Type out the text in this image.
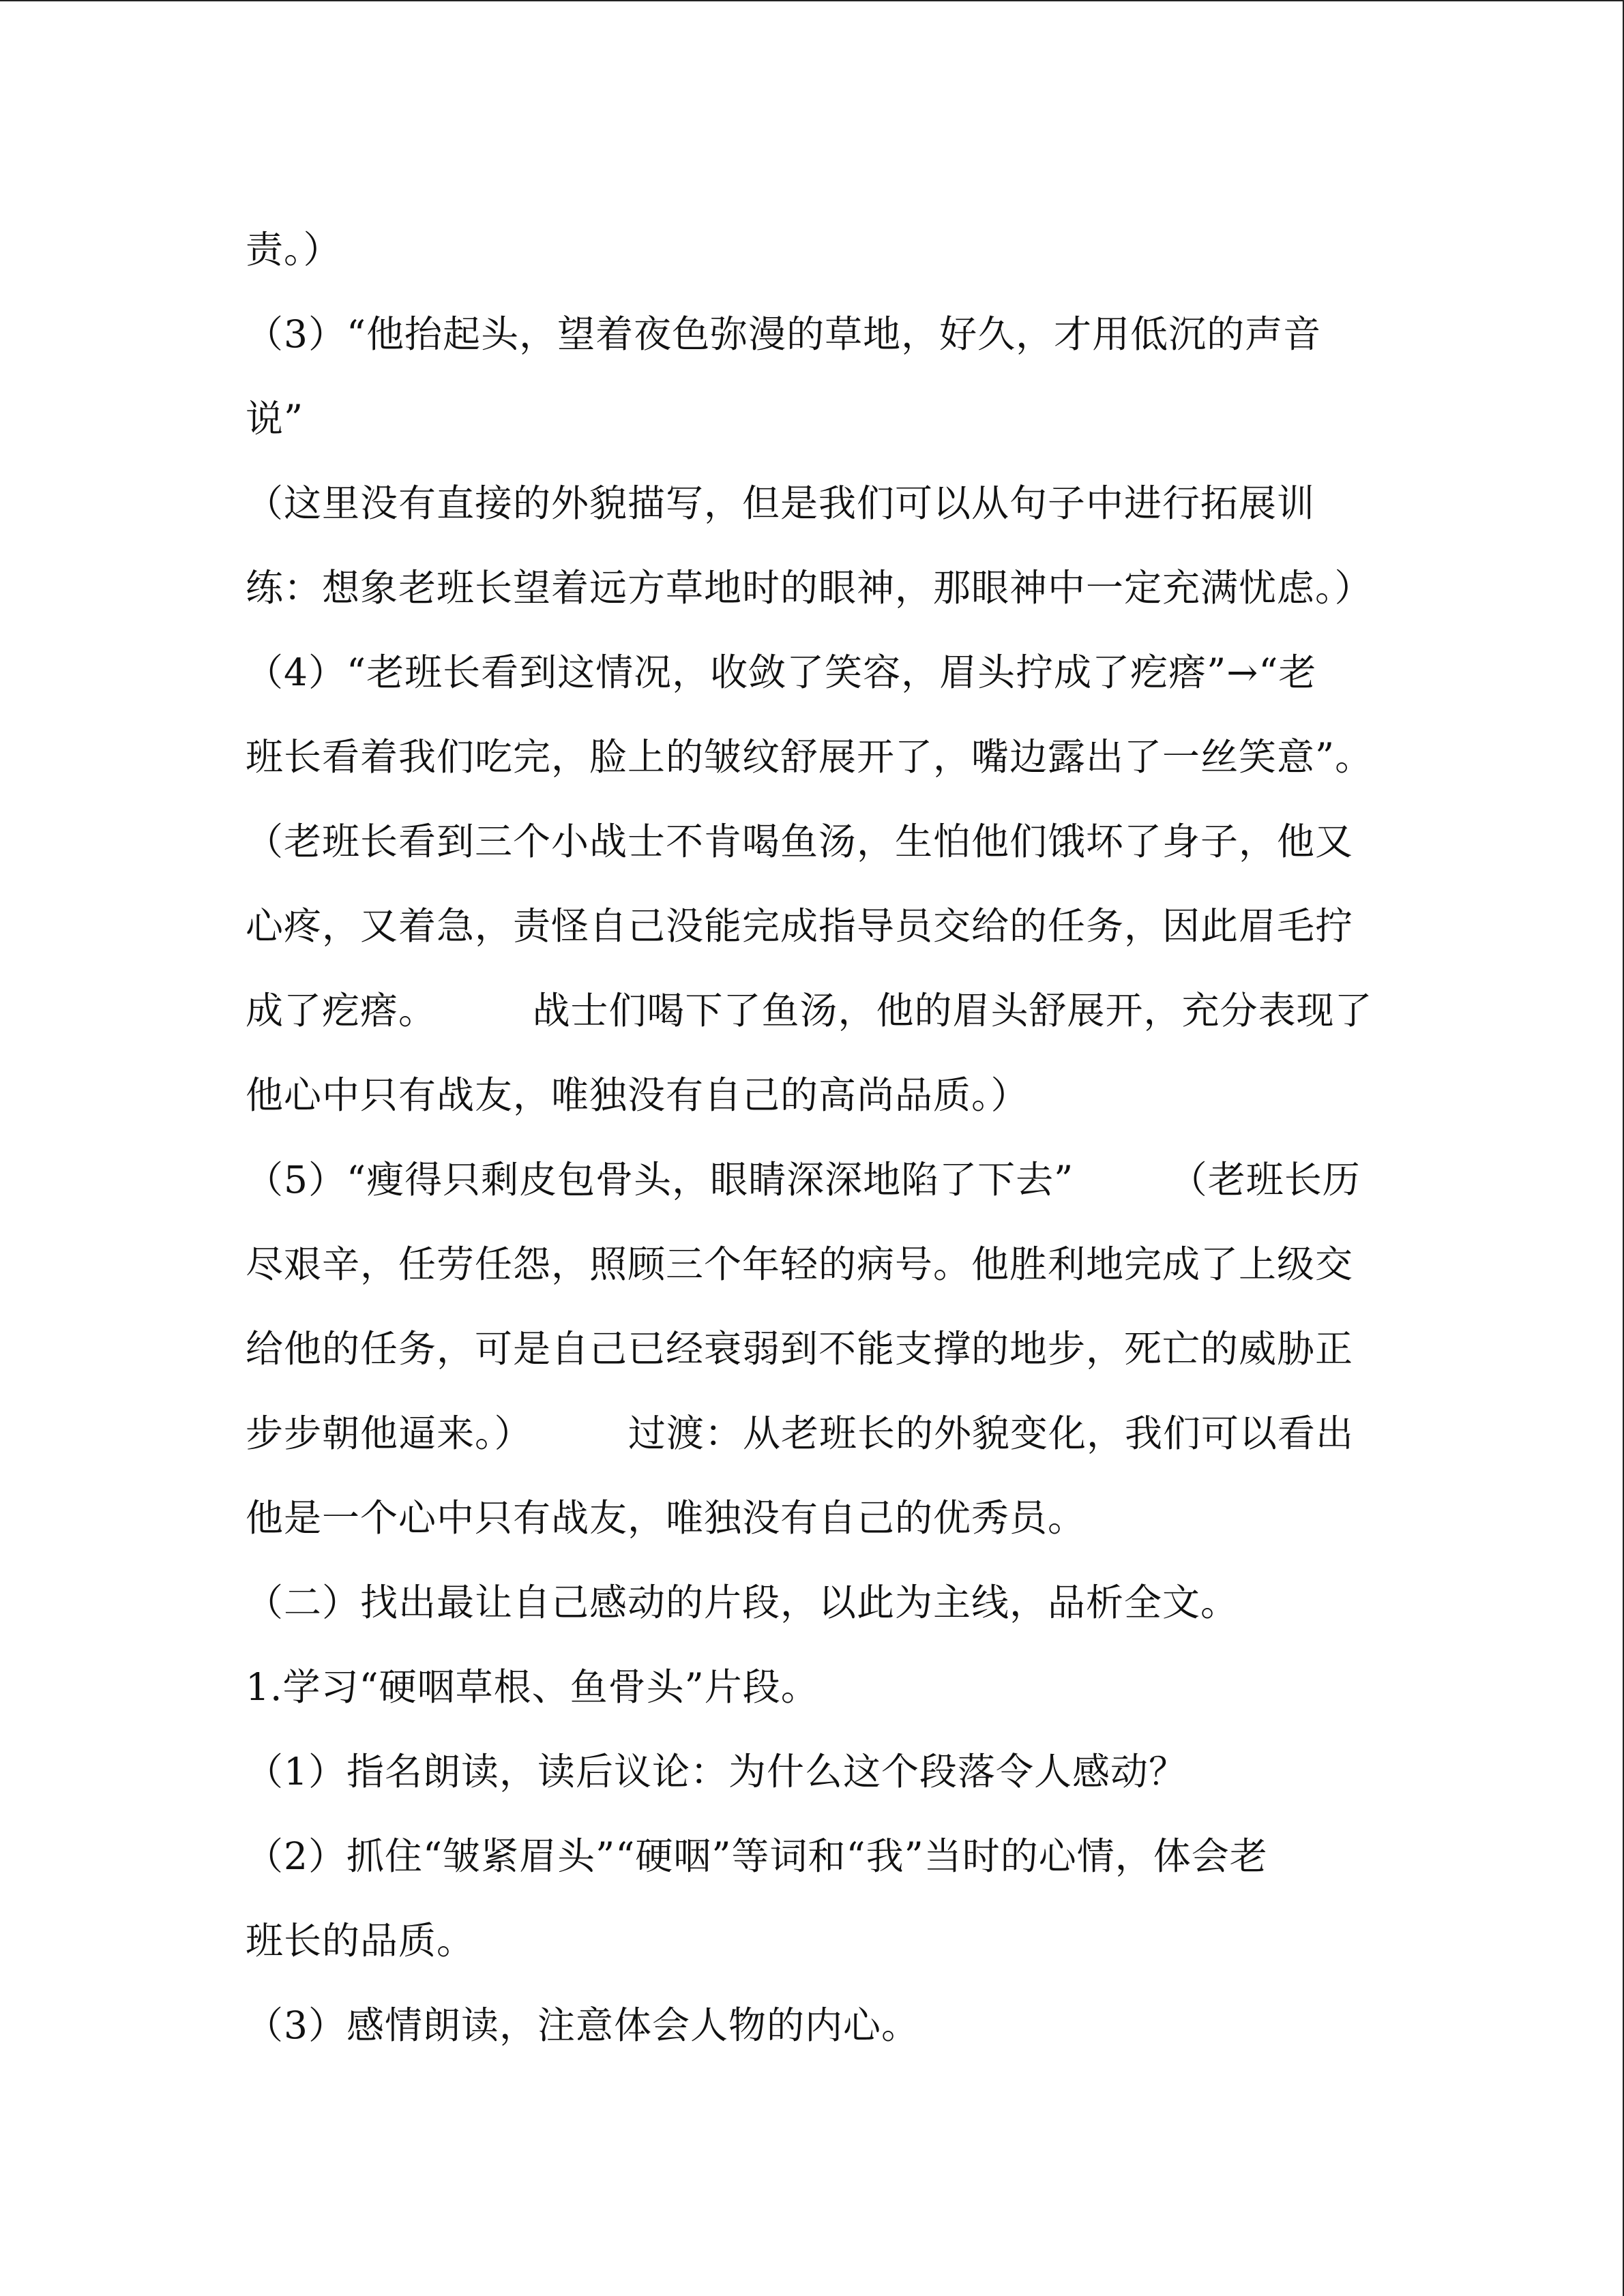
责。）
（3）“他抬起头，望着夜色弥漫的草地，好久，才用低沉的声音
说”
（这里没有直接的外貌描写，但是我们可以从句子中进行拓展训
练：想象老班长望着远方草地时的眼神，那眼神中一定充满忧虑。）
（4）“老班长看到这情况，收敛了笑容，眉头拧成了疙瘩”→“老
班长看着我们吃完，脸上的皱纹舒展开了，嘴边露出了一丝笑意”。
（老班长看到三个小战士不肯喝鱼汤，生怕他们饿坏了身子，他又
心疼，又着急，责怪自己没能完成指导员交给的任务，因此眉毛拧
成了疙瘩。　　　战士们喝下了鱼汤，他的眉头舒展开，充分表现了
他心中只有战友，唯独没有自己的高尚品质。）
（5）“瘦得只剩皮包骨头，眼睛深深地陷了下去”　　　（老班长历
尽艰辛，任劳任怨，照顾三个年轻的病号。他胜利地完成了上级交
给他的任务，可是自己已经衰弱到不能支撑的地步，死亡的威胁正
步步朝他逼来。）　　　过渡：从老班长的外貌变化，我们可以看出
他是一个心中只有战友，唯独没有自己的优秀员。
（二）找出最让自己感动的片段，以此为主线，品析全文。
1.学习“硬咽草根、鱼骨头”片段。
（1）指名朗读，读后议论：为什么这个段落令人感动？
（2）抓住“皱紧眉头”“硬咽”等词和“我”当时的心情，体会老
班长的品质。
（3）感情朗读，注意体会人物的内心。
